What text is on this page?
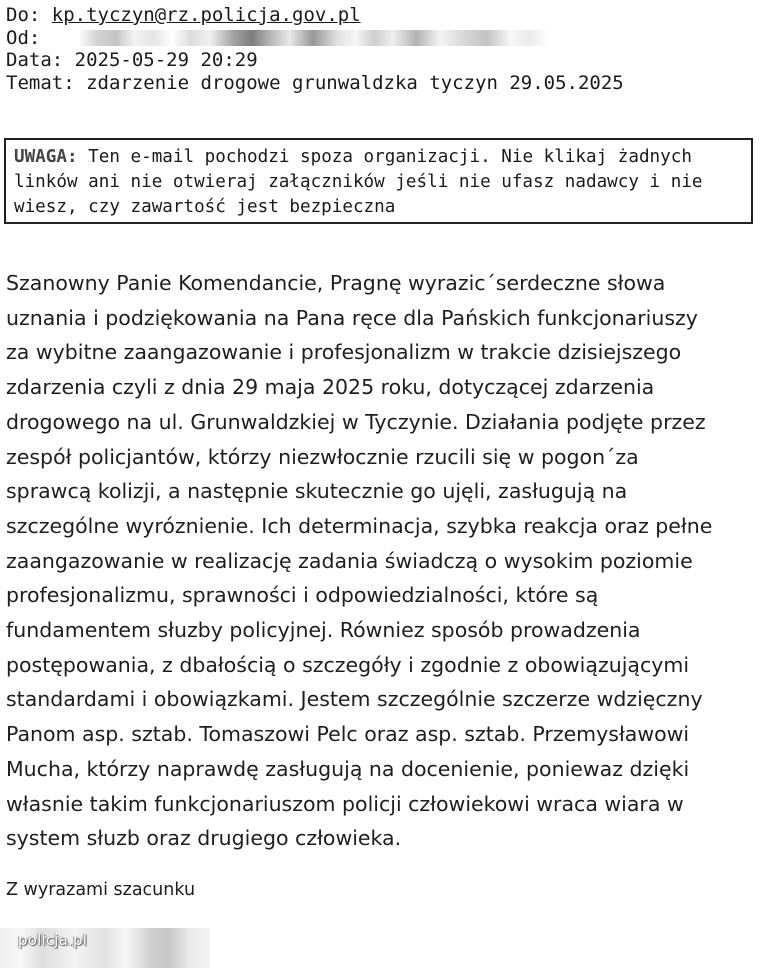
Do: kp.tyczyn@rz.policja.gov.pl
Od:
Data: 2025-05-29 20:29
Temat: zdarzenie drogowe grunwaldzka tyczyn 29.05.2025
UWAGA: Ten e-mail pochodzi spoza organizacji. Nie klikaj żadnych
linków ani nie otwieraj załączników jeśli nie ufasz nadawcy i nie
wiesz, czy zawartość jest bezpieczna
Szanowny Panie Komendancie, Pragnę wyrazic´serdeczne słowa
uznania i podziękowania na Pana ręce dla Pańskich funkcjonariuszy
za wybitne zaangazowanie i profesjonalizm w trakcie dzisiejszego
zdarzenia czyli z dnia 29 maja 2025 roku, dotyczącej zdarzenia
drogowego na ul. Grunwaldzkiej w Tyczynie. Działania podjęte przez
zespół policjantów, którzy niezwłocznie rzucili się w pogon´za
sprawcą kolizji, a następnie skutecznie go ujęli, zasługują na
szczególne wyróznienie. Ich determinacja, szybka reakcja oraz pełne
zaangazowanie w realizację zadania świadczą o wysokim poziomie
profesjonalizmu, sprawności i odpowiedzialności, które są
fundamentem słuzby policyjnej. Równiez sposób prowadzenia
postępowania, z dbałością o szczegóły i zgodnie z obowiązującymi
standardami i obowiązkami. Jestem szczególnie szczerze wdzięczny
Panom asp. sztab. Tomaszowi Pelc oraz asp. sztab. Przemysławowi
Mucha, którzy naprawdę zasługują na docenienie, poniewaz dzięki
własnie takim funkcjonariuszom policji człowiekowi wraca wiara w
system słuzb oraz drugiego człowieka.
Z wyrazami szacunku
policja.pl
